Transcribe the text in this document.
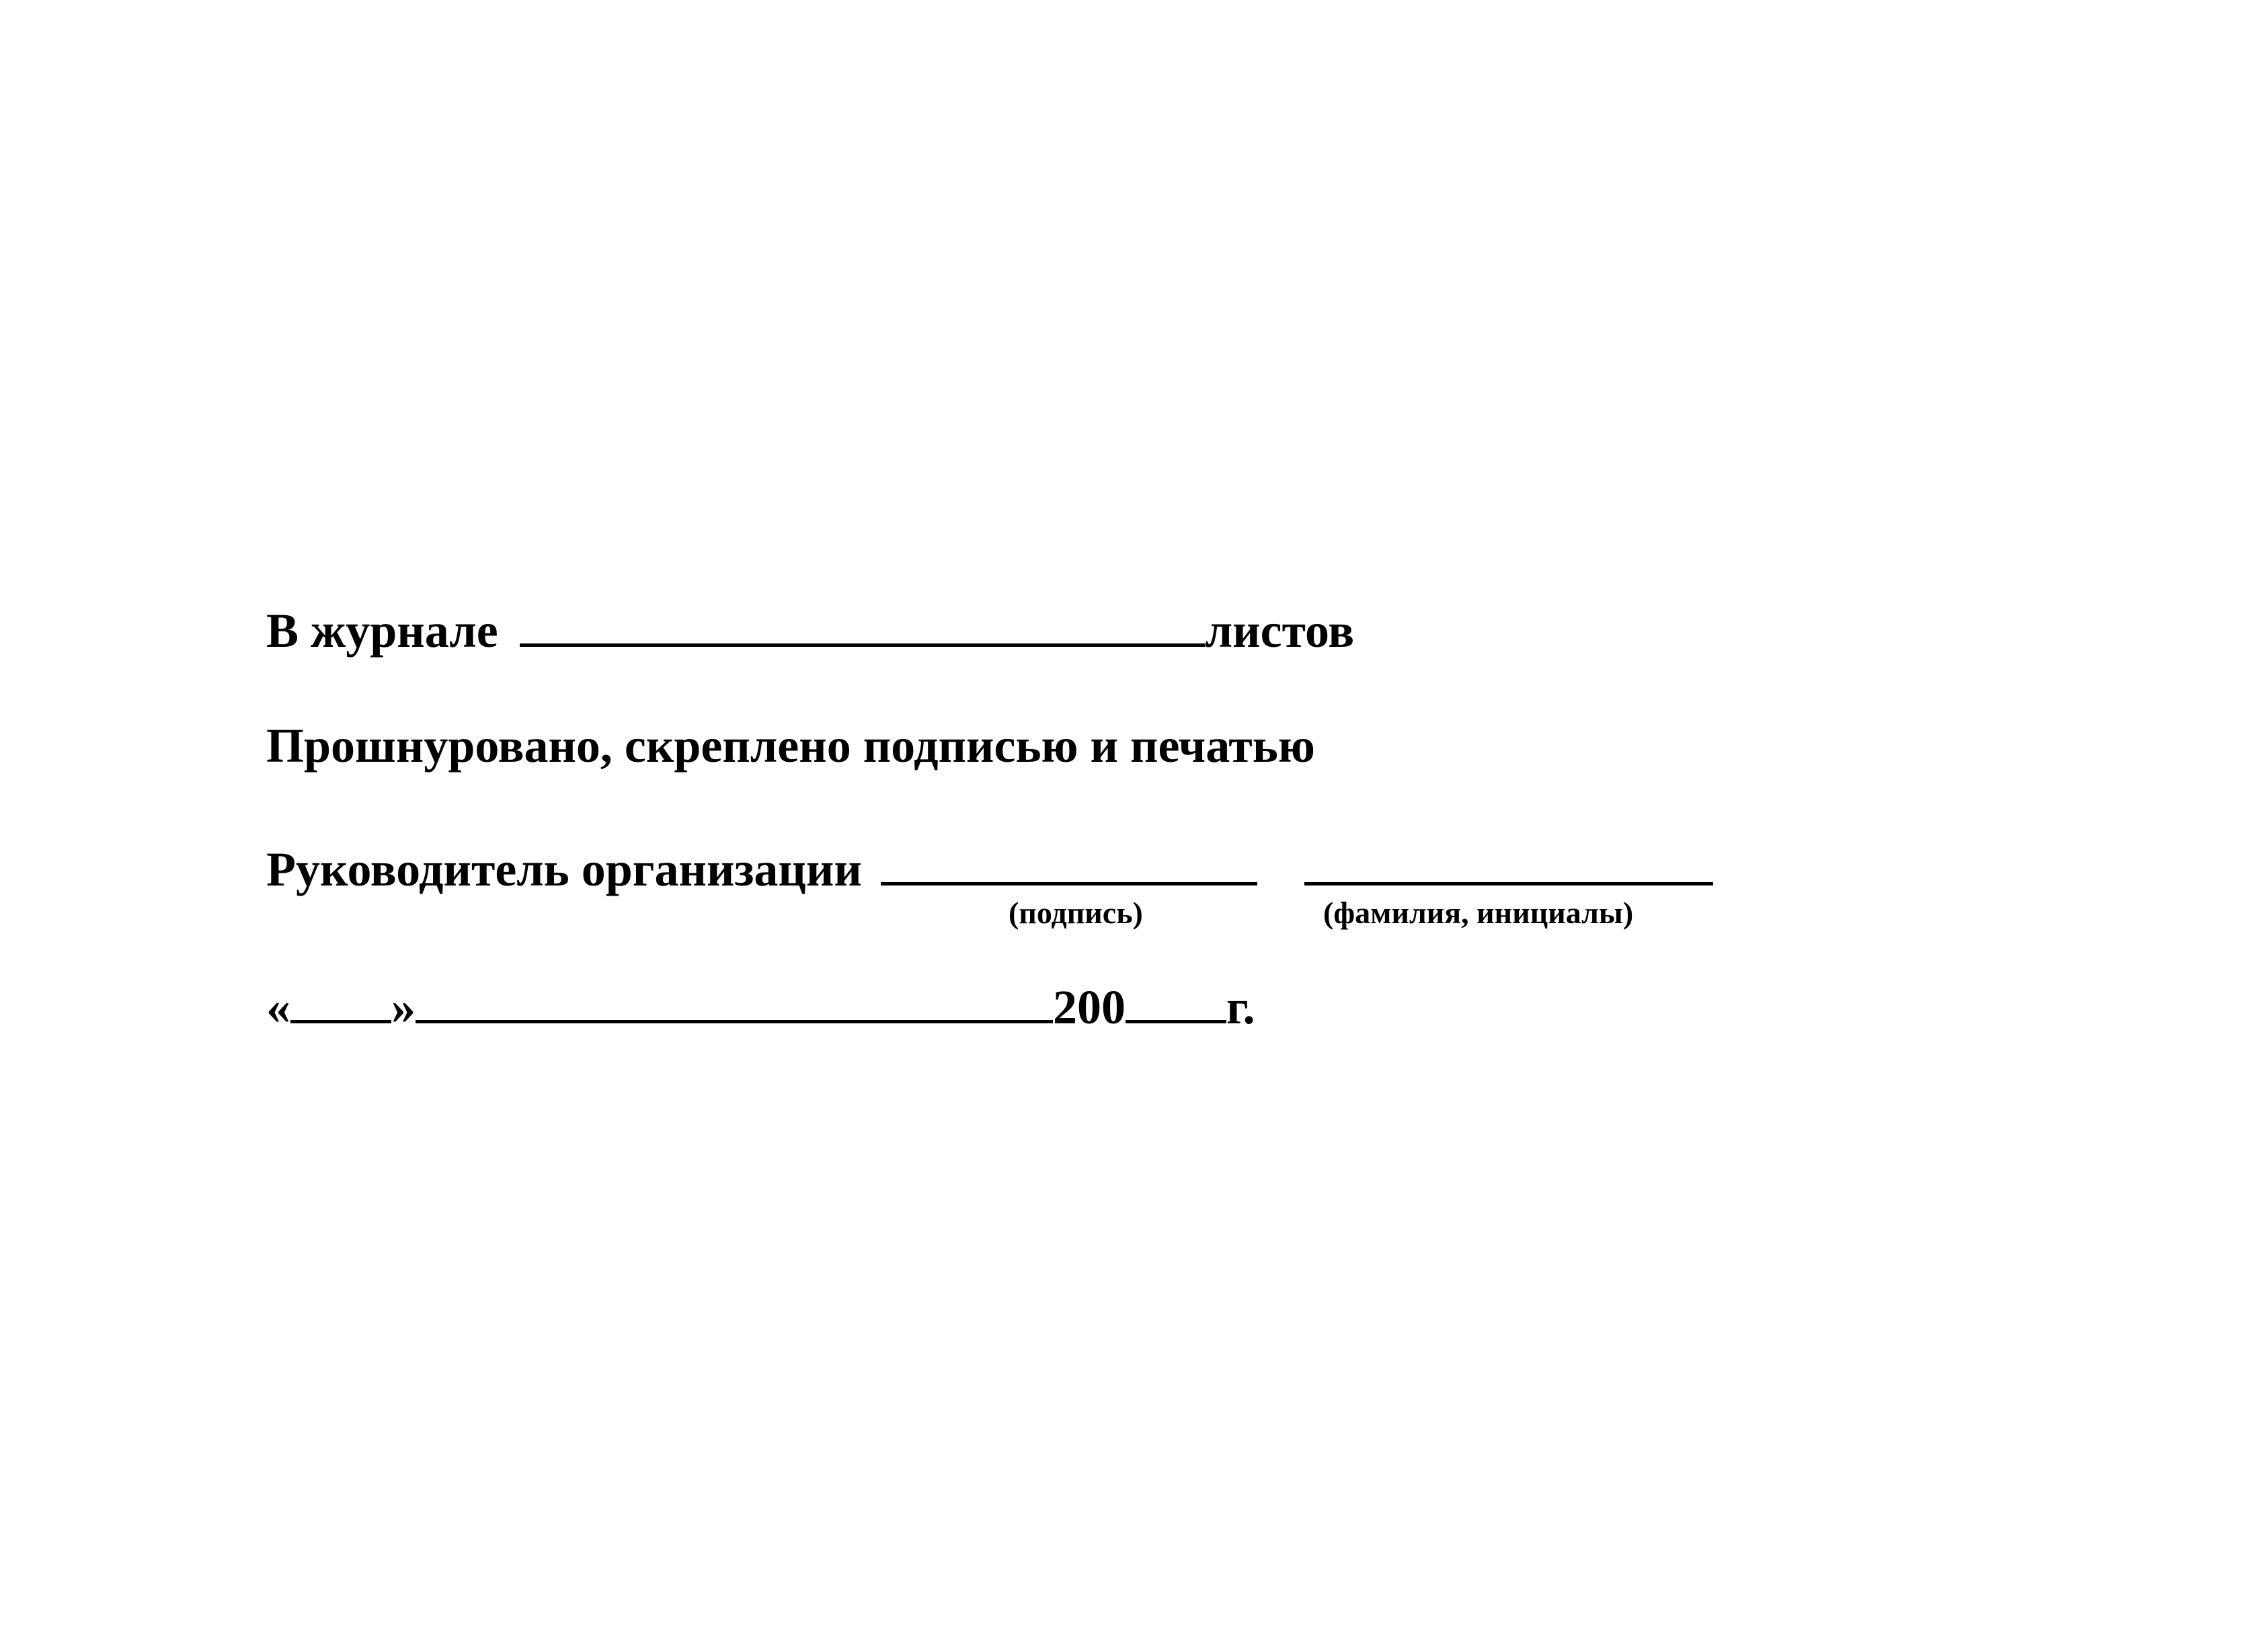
В журнале	листов
Прошнуровано, скреплено подписью и печатью
Руководитель организации
(подпись)	(фамилия, инициалы)
« »	200 г.
